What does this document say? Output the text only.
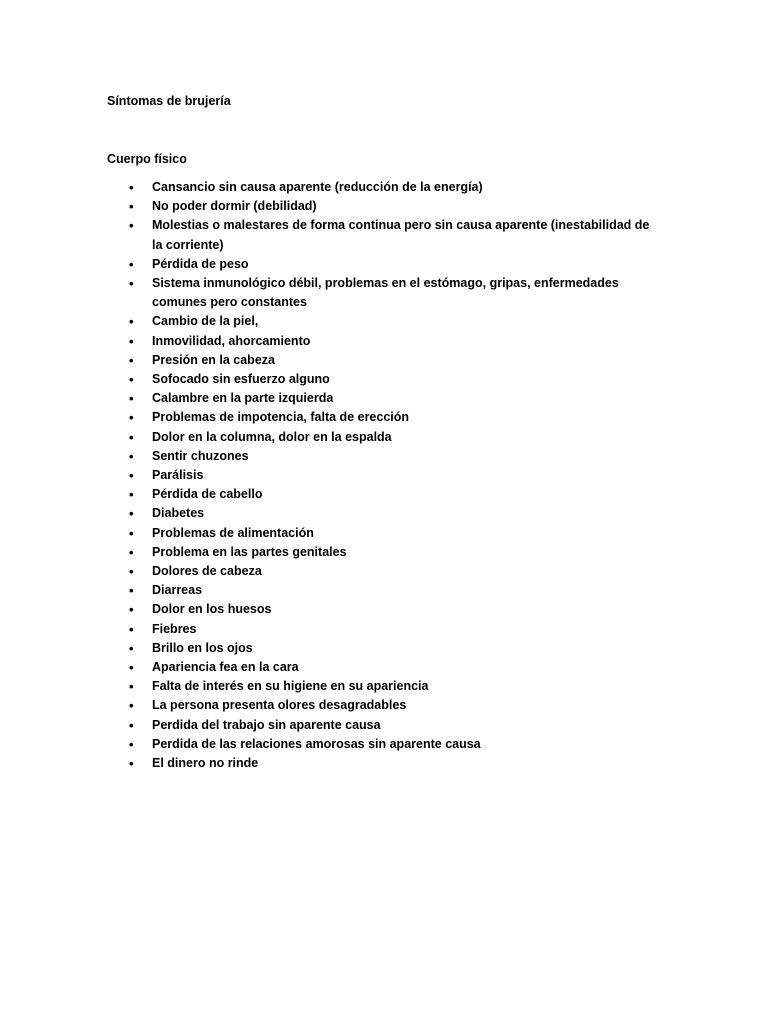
Síntomas de brujería
Cuerpo físico
• Cansancio sin causa aparente (reducción de la energía)
• No poder dormir (debilidad)
• Molestias o malestares de forma continua pero sin causa aparente (inestabilidad de la corriente)
• Pérdida de peso
• Sistema inmunológico débil, problemas en el estómago, gripas, enfermedades comunes pero constantes
• Cambio de la piel,
• Inmovilidad, ahorcamiento
• Presión en la cabeza
• Sofocado sin esfuerzo alguno
• Calambre en la parte izquierda
• Problemas de impotencia, falta de erección
• Dolor en la columna, dolor en la espalda
• Sentir chuzones
• Parálisis
• Pérdida de cabello
• Diabetes
• Problemas de alimentación
• Problema en las partes genitales
• Dolores de cabeza
• Diarreas
• Dolor en los huesos
• Fiebres
• Brillo en los ojos
• Apariencia fea en la cara
• Falta de interés en su higiene en su apariencia
• La persona presenta olores desagradables
• Perdida del trabajo sin aparente causa
• Perdida de las relaciones amorosas sin aparente causa
• El dinero no rinde
